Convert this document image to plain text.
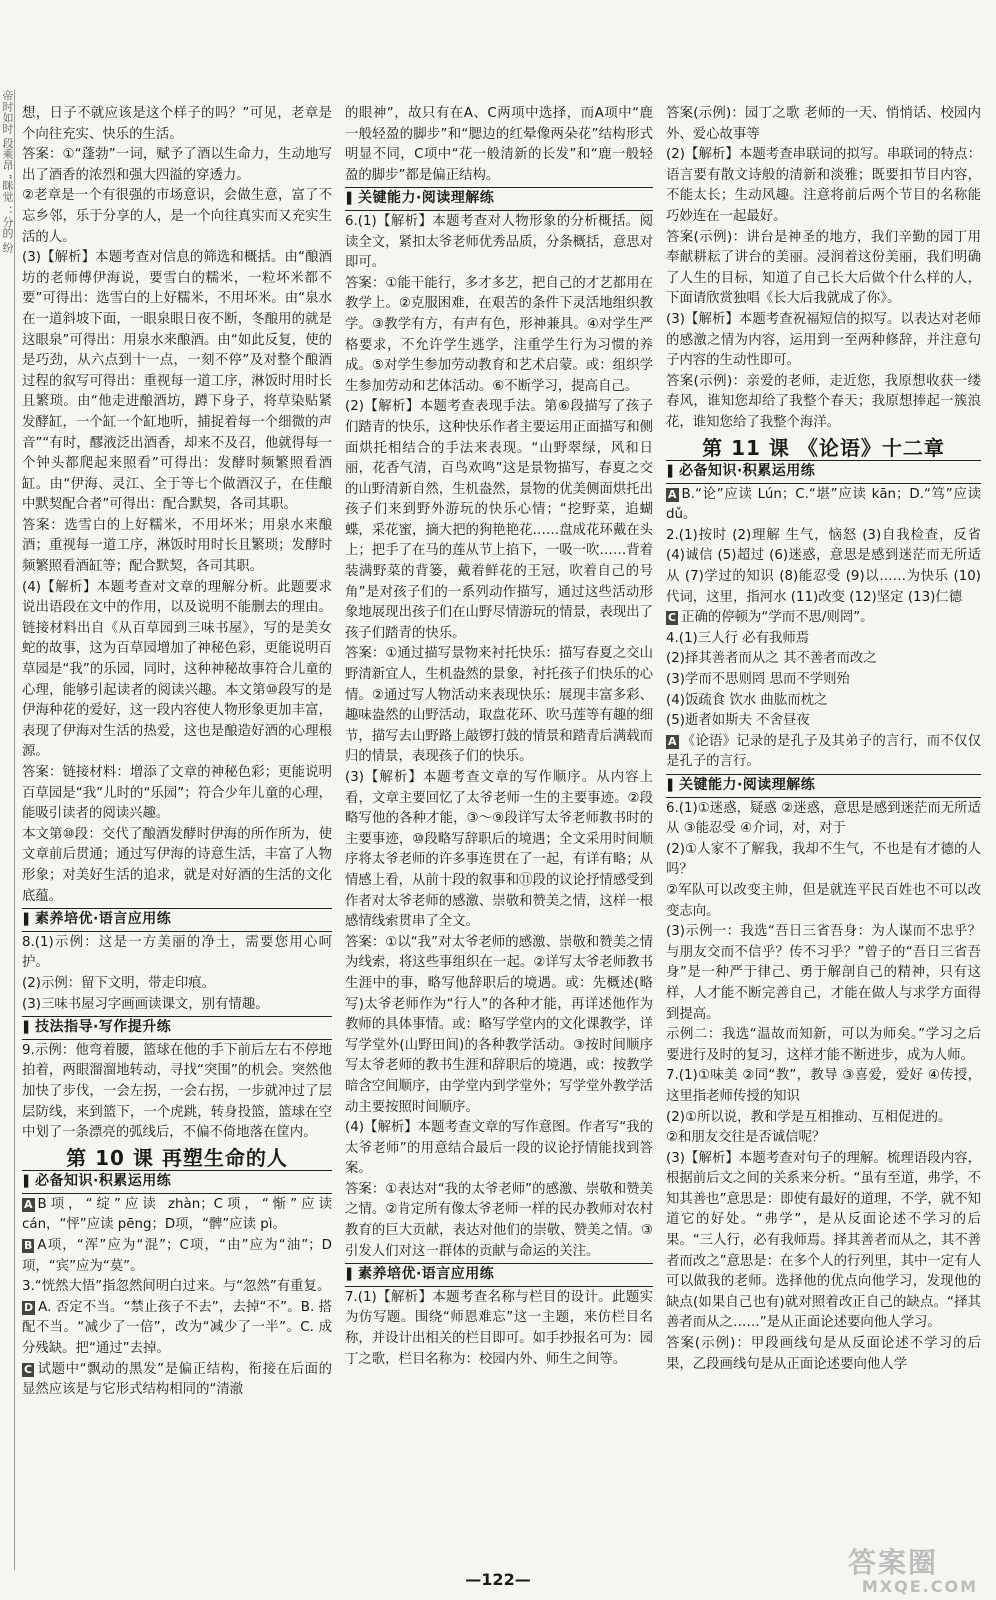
帝时如时 段乘昂 “眯觉 ：分的 纷 想，日子不就应该是这个样子的吗？”可见，老章是个向往充实、快乐的生活。

答案：①“蓬勃”一词，赋予了酒以生命力，生动地写出了酒香的浓烈和强大四溢的穿透力。

②老章是一个有很强的市场意识，会做生意，富了不忘乡邻，乐于分享的人，是一个向往真实而又充实生活的人。

(3)【解析】本题考查对信息的筛选和概括。由“酿酒坊的老师傅伊海说，要雪白的糯米，一粒坏米都不要”可得出：选雪白的上好糯米，不用坏米。由“泉水在一道斜坡下面，一眼泉眼日夜不断，冬酿用的就是这眼泉”可得出：用泉水来酿酒。由“如此反复，使的是巧劲，从六点到十一点，一刻不停”及对整个酿酒过程的叙写可得出：重视每一道工序，淋饭时用时长且繁琐。由“他走进酿酒坊，蹲下身子，将草染贴紧发酵缸，一个缸一个缸地听，捕捉着每一个细微的声音”“有时，醪液泛出酒香，却来不及召，他就得每一个钟头都爬起来照看”可得出：发酵时频繁照看酒缸。由“伊海、灵江、全于等七个做酒汉子，在佳酿中默契配合者”可得出：配合默契，各司其职。

答案：选雪白的上好糯米，不用坏米；用泉水来酿酒；重视每一道工序，淋饭时用时长且繁琐；发酵时频繁照看酒缸等；配合默契，各司其职。

(4)【解析】本题考查对文章的理解分析。此题要求说出语段在文中的作用，以及说明不能删去的理由。链接材料出自《从百草园到三味书屋》，写的是美女蛇的故事，这为百草园增加了神秘色彩，更能说明百草园是“我”的乐园，同时，这种神秘故事符合儿童的心理，能够引起读者的阅读兴趣。本文第⑩段写的是伊海种花的爱好，这一段内容使人物形象更加丰富，表现了伊海对生活的热爱，这也是酿造好酒的心理根源。

答案：链接材料：增添了文章的神秘色彩；更能说明百草园是“我”儿时的“乐园”；符合少年儿童的心理，能吸引读者的阅读兴趣。

本文第⑩段：交代了酿酒发酵时伊海的所作所为，使文章前后贯通；通过写伊海的诗意生活，丰富了人物形象；对美好生活的追求，就是对好酒的生活的文化底蕴。

▌ 素养培优·语言应用练

8.(1)示例：这是一方美丽的净土，需要您用心呵护。

(2)示例：留下文明，带走印痕。

(3)三味书屋习字画画读课文，别有情趣。

▌ 技法指导·写作提升练

9.示例：他弯着腰，篮球在他的手下前后左右不停地拍着，两眼溜溜地转动，寻找“突围”的机会。突然他加快了步伐，一会左拐，一会右拐，一步就冲过了层层防线，来到篮下，一个虎跳，转身投篮，篮球在空中划了一条漂亮的弧线后，不偏不倚地落在筐内。

第 10 课 再塑生命的人
▌ 必备知识·积累运用练

A B项，“绽”应读 zhàn；C项，“惭”应读 cán，“怦”应读 pēng；D项，“髀”应读 pì。

B A项，“浑”应为“混”；C项，“由”应为“油”；D项，“宾”应为“莫”。

3.“恍然大悟”指忽然间明白过来。与“忽然”有重复。

D A. 否定不当。“禁止孩子不去”，去掉“不”。B. 搭配不当。“减少了一倍”，改为“减少了一半”。C. 成分残缺。把“通过”去掉。

C 试题中“飘动的黑发”是偏正结构，衔接在后面的显然应该是与它形式结构相同的“清澈

的眼神”，故只有在A、C两项中选择，而A项中“鹿一般轻盈的脚步”和“腮边的红晕像两朵花”结构形式明显不同，C项中“花一般清新的长发”和“鹿一般轻盈的脚步”都是偏正结构。

▌ 关键能力·阅读理解练

6.(1)【解析】本题考查对人物形象的分析概括。阅读全文，紧扣太爷老师优秀品质，分条概括，意思对即可。

答案：①能干能行，多才多艺，把自己的才艺都用在教学上。②克服困难，在艰苦的条件下灵活地组织教学。③教学有方，有声有色，形神兼具。④对学生严格要求，不允许学生逃学，注重学生行为习惯的养成。⑤对学生参加劳动教育和艺术启蒙。或：组织学生参加劳动和艺体活动。⑥不断学习，提高自己。

(2)【解析】本题考查表现手法。第⑥段描写了孩子们踏青的快乐，这种快乐作者主要运用正面描写和侧面烘托相结合的手法来表现。“山野翠绿，风和日丽，花香气清，百鸟欢鸣”这是景物描写，春夏之交的山野清新自然，生机盎然，景物的优美侧面烘托出孩子们来到野外游玩的快乐心情；“挖野菜，追蝴蝶，采花蜜，摘大把的狗艳艳花……盘成花环戴在头上；把手了在马的莲从节上掐下，一吸一吹……背着装满野菜的背篓，戴着鲜花的王冠，吹着自己的号角”是对孩子们的一系列动作描写，通过这些活动形象地展现出孩子们在山野尽情游玩的情景，表现出了孩子们踏青的快乐。

答案：①通过描写景物来衬托快乐：描写春夏之交山野清新宜人，生机盎然的景象，衬托孩子们快乐的心情。②通过写人物活动来表现快乐：展现丰富多彩、趣味盎然的山野活动，取盘花环、吹马莲等有趣的细节，描写去山野路上敲锣打鼓的情景和踏青后满载而归的情景，表现孩子们的快乐。

(3)【解析】本题考查文章的写作顺序。从内容上看，文章主要回忆了太爷老师一生的主要事迹。②段略写他的各种才能，③～⑨段详写太爷老师教书时的主要事迹，⑩段略写辞职后的境遇；全文采用时间顺序将太爷老师的许多事连贯在了一起，有详有略；从情感上看，从前十段的叙事和⑪段的议论抒情感受到作者对太爷老师的感激、崇敬和赞美之情，这样一根感情线索贯串了全文。

答案：①以“我”对太爷老师的感激、崇敬和赞美之情为线索，将这些事组织在一起。②详写太爷老师教书生涯中的事，略写他辞职后的境遇。或：先概述(略写)太爷老师作为“行人”的各种才能，再详述他作为教师的具体事情。或：略写学堂内的文化课教学，详写学堂外(山野田间)的各种教学活动。③按时间顺序写太爷老师的教书生涯和辞职后的境遇，或：按教学暗含空间顺序，由学堂内到学堂外；写学堂外教学活动主要按照时间顺序。

(4)【解析】本题考查文章的写作意图。作者写“我的太爷老师”的用意结合最后一段的议论抒情能找到答案。

答案：①表达对“我的太爷老师”的感激、崇敬和赞美之情。②肯定所有像太爷老师一样的民办教师对农村教育的巨大贡献，表达对他们的崇敬、赞美之情。③引发人们对这一群体的贡献与命运的关注。

▌ 素养培优·语言应用练

7.(1)【解析】本题考查名称与栏目的设计。此题实为仿写题。围绕“师恩难忘”这一主题，来仿栏目名称，并设计出相关的栏目即可。如手抄报名可为：园丁之歌，栏目名称为：校园内外、师生之间等。

答案(示例)：园丁之歌 老师的一天、悄悄话、校园内外、爱心故事等

(2)【解析】本题考查串联词的拟写。串联词的特点：语言要有散文诗般的清新和淡雅；既要扣节目内容，不能太长；生动风趣。注意将前后两个节目的名称能巧妙连在一起最好。

答案(示例)：讲台是神圣的地方，我们辛勤的园丁用奉献耕耘了讲台的美丽。浸润着这份美丽，我们明确了人生的目标，知道了自己长大后做个什么样的人，下面请欣赏独唱《长大后我就成了你》。

(3)【解析】本题考查祝福短信的拟写。以表达对老师的感激之情为内容，运用到一至两种修辞，并注意句子内容的生动性即可。

答案(示例)：亲爱的老师，走近您，我原想收获一缕春风，谁知您却给了我整个春天；我原想捧起一簇浪花，谁知您给了我整个海洋。

第 11 课 《论语》十二章
▌ 必备知识·积累运用练

A B.“论”应读 Lún；C.“堪”应读 kān；D.“笃”应读 dǔ。

2.(1)按时 (2)理解 生气，恼怒 (3)自我检查，反省 (4)诚信 (5)超过 (6)迷惑，意思是感到迷茫而无所适从 (7)学过的知识 (8)能忍受 (9)以……为快乐 (10)代词，这里，指河水 (11)改变 (12)坚定 (13)仁德

C 正确的停顿为“学而不思/则罔”。

4.(1)三人行 必有我师焉

(2)择其善者而从之 其不善者而改之

(3)学而不思则罔 思而不学则殆

(4)饭疏食 饮水 曲肱而枕之

(5)逝者如斯夫 不舍昼夜

A 《论语》记录的是孔子及其弟子的言行，而不仅仅是孔子的言行。

▌ 关键能力·阅读理解练

6.(1)①迷惑，疑惑 ②迷惑，意思是感到迷茫而无所适从 ③能忍受 ④介词，对，对于

(2)①人家不了解我，我却不生气，不也是有才德的人吗？

②军队可以改变主帅，但是就连平民百姓也不可以改变志向。

(3)示例一：我选“吾日三省吾身：为人谋而不忠乎？与朋友交而不信乎？传不习乎？”曾子的“吾日三省吾身”是一种严于律己、勇于解剖自己的精神，只有这样，人才能不断完善自己，才能在做人与求学方面得到提高。

示例二：我选“温故而知新，可以为师矣。”学习之后要进行及时的复习，这样才能不断进步，成为人师。

7.(1)①味美 ②同“教”，教导 ③喜爱，爱好 ④传授，这里指老师传授的知识

(2)①所以说，教和学是互相推动、互相促进的。

②和朋友交往是否诚信呢？

(3)【解析】本题考查对句子的理解。梳理语段内容，根据前后文之间的关系来分析。“虽有至道，弗学，不知其善也”意思是：即使有最好的道理，不学，就不知道它的好处。“弗学”，是从反面论述不学习的后果。“三人行，必有我师焉。择其善者而从之，其不善者而改之”意思是：在多个人的行列里，其中一定有人可以做我的老师。选择他的优点向他学习，发现他的缺点(如果自己也有)就对照着改正自己的缺点。“择其善者而从之……”是从正面论述要向他人学习。

答案(示例)：甲段画线句是从反面论述不学习的后果，乙段画线句是从正面论述要向他人学

—122—
答案圈
MXQE.COM
